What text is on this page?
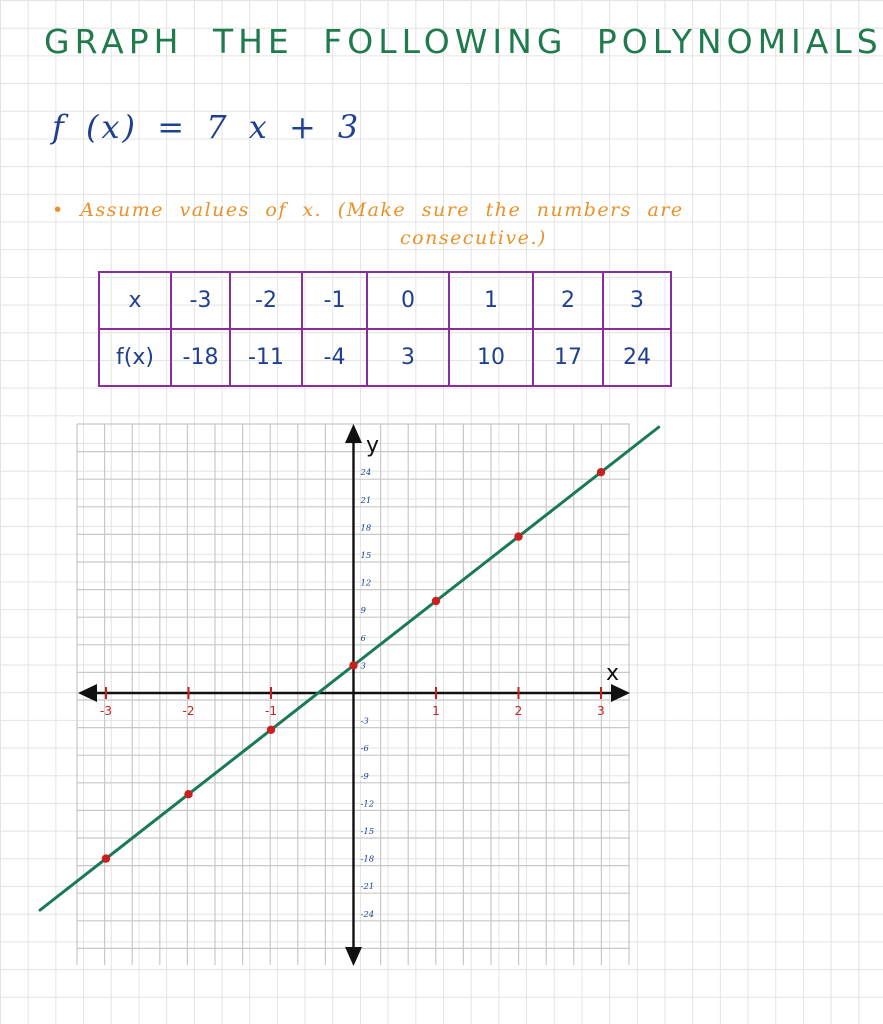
GRAPH THE FOLLOWING POLYNOMIALS
f (x) = 7 x + 3
• Assume values of x. (Make sure the numbers are
consecutive.)
x	-3	-2	-1	0	1	2	3
f(x)	-18	-11	-4	3	10	17	24
x
y
-3	-2	-1	1	2	3
24
21
18
15
12
9
6
3
-3
-6
-9
-12
-15
-18
-21
-24
